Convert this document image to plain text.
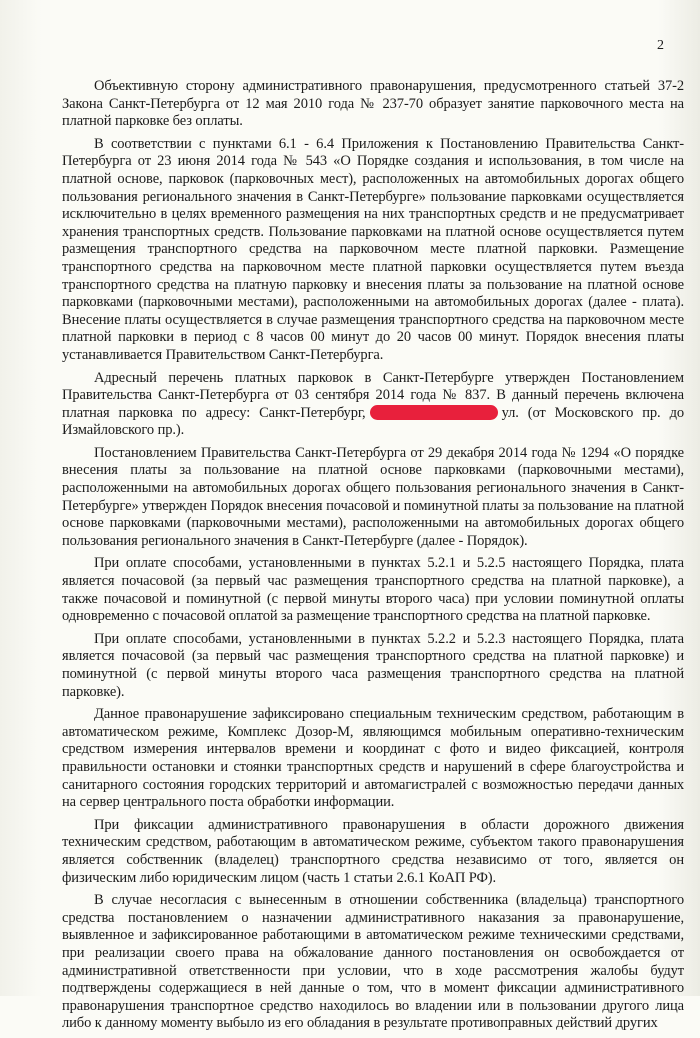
2

Объективную сторону административного правонарушения, предусмотренного статьей 37-2 Закона Санкт-Петербурга от 12 мая 2010 года № 237-70 образует занятие парковочного места на платной парковке без оплаты.

В соответствии с пунктами 6.1 - 6.4 Приложения к Постановлению Правительства Санкт-Петербурга от 23 июня 2014 года № 543 «О Порядке создания и использования, в том числе на платной основе, парковок (парковочных мест), расположенных на автомобильных дорогах общего пользования регионального значения в Санкт-Петербурге» пользование парковками осуществляется исключительно в целях временного размещения на них транспортных средств и не предусматривает хранения транспортных средств. Пользование парковками на платной основе осуществляется путем размещения транспортного средства на парковочном месте платной парковки. Размещение транспортного средства на парковочном месте платной парковки осуществляется путем въезда транспортного средства на платную парковку и внесения платы за пользование на платной основе парковками (парковочными местами), расположенными на автомобильных дорогах (далее - плата). Внесение платы осуществляется в случае размещения транспортного средства на парковочном месте платной парковки в период с 8 часов 00 минут до 20 часов 00 минут. Порядок внесения платы устанавливается Правительством Санкт-Петербурга.

Адресный перечень платных парковок в Санкт-Петербурге утвержден Постановлением Правительства Санкт-Петербурга от 03 сентября 2014 года № 837. В данный перечень включена платная парковка по адресу: Санкт-Петербург,	ул. (от Московского пр. до Измайловского пр.).

Постановлением Правительства Санкт-Петербурга от 29 декабря 2014 года № 1294 «О порядке внесения платы за пользование на платной основе парковками (парковочными местами), расположенными на автомобильных дорогах общего пользования регионального значения в Санкт-Петербурге» утвержден Порядок внесения почасовой и поминутной платы за пользование на платной основе парковками (парковочными местами), расположенными на автомобильных дорогах общего пользования регионального значения в Санкт-Петербурге (далее - Порядок).

При оплате способами, установленными в пунктах 5.2.1 и 5.2.5 настоящего Порядка, плата является почасовой (за первый час размещения транспортного средства на платной парковке), а также почасовой и поминутной (с первой минуты второго часа) при условии поминутной оплаты одновременно с почасовой оплатой за размещение транспортного средства на платной парковке.

При оплате способами, установленными в пунктах 5.2.2 и 5.2.3 настоящего Порядка, плата является почасовой (за первый час размещения транспортного средства на платной парковке) и поминутной (с первой минуты второго часа размещения транспортного средства на платной парковке).

Данное правонарушение зафиксировано специальным техническим средством, работающим в автоматическом режиме, Комплекс Дозор-М, являющимся мобильным оперативно-техническим средством измерения интервалов времени и координат с фото и видео фиксацией, контроля правильности остановки и стоянки транспортных средств и нарушений в сфере благоустройства и санитарного состояния городских территорий и автомагистралей с возможностью передачи данных на сервер центрального поста обработки информации.

При фиксации административного правонарушения в области дорожного движения техническим средством, работающим в автоматическом режиме, субъектом такого правонарушения является собственник (владелец) транспортного средства независимо от того, является он физическим либо юридическим лицом (часть 1 статьи 2.6.1 КоАП РФ).

В случае несогласия с вынесенным в отношении собственника (владельца) транспортного средства постановлением о назначении административного наказания за правонарушение, выявленное и зафиксированное работающими в автоматическом режиме техническими средствами, при реализации своего права на обжалование данного постановления он освобождается от административной ответственности при условии, что в ходе рассмотрения жалобы будут подтверждены содержащиеся в ней данные о том, что в момент фиксации административного правонарушения транспортное средство находилось во владении или в пользовании другого лица либо к данному моменту выбыло из его обладания в результате противоправных действий других
